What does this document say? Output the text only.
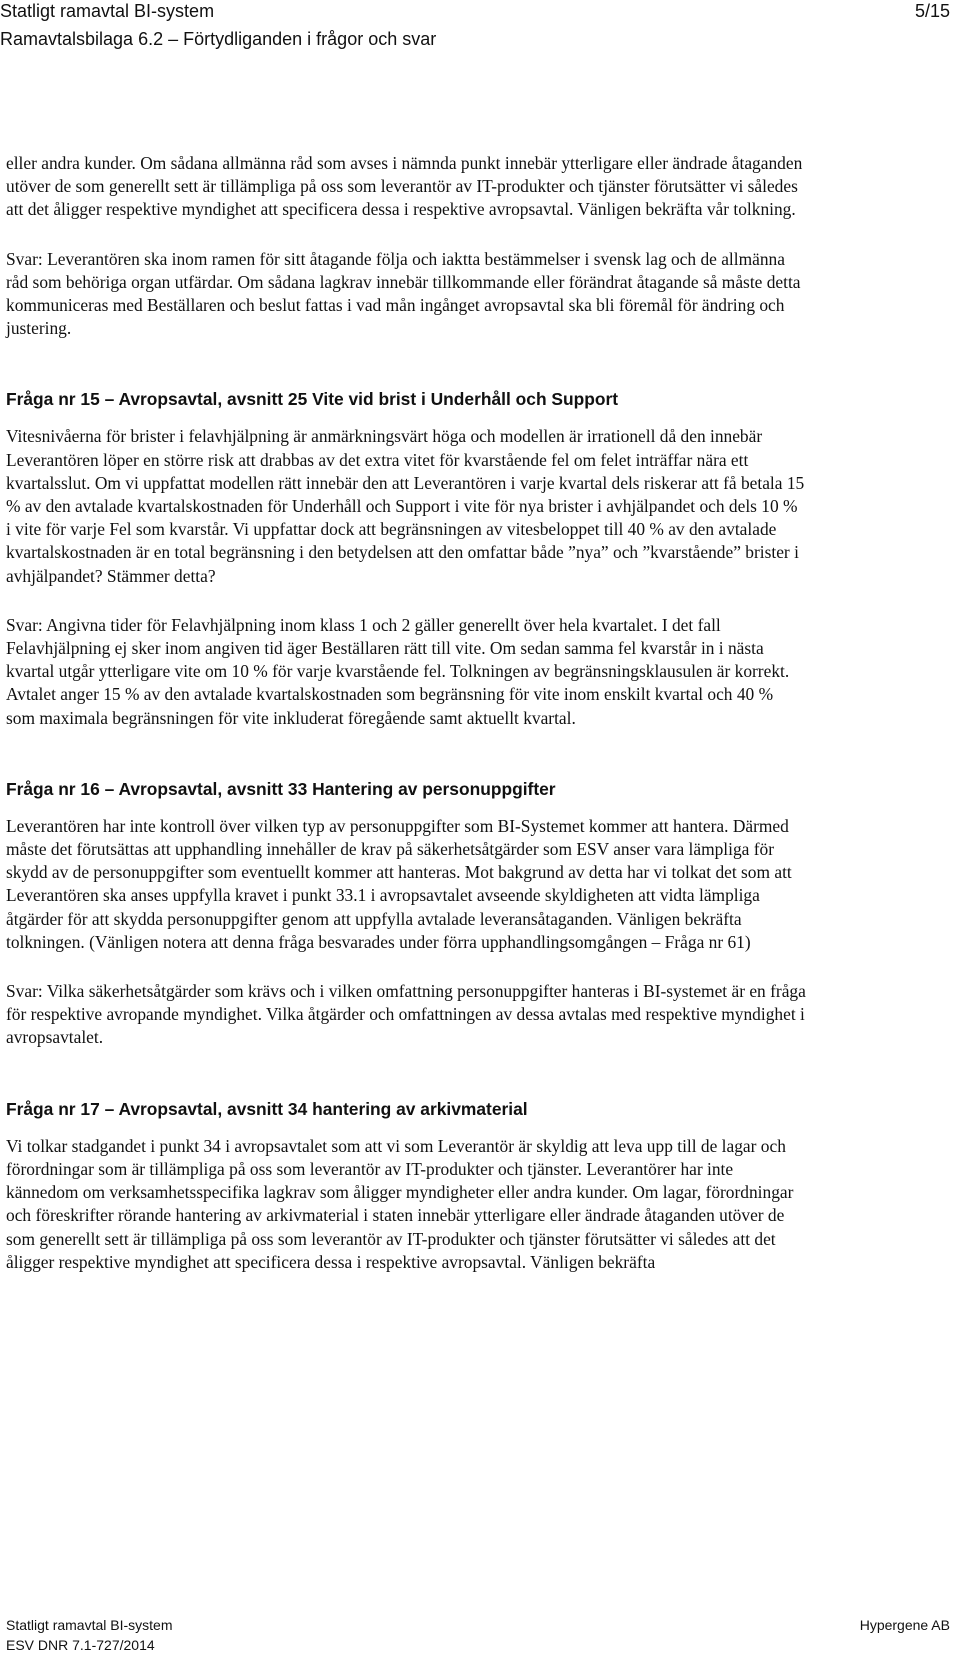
Statligt ramavtal BI-system	5/15
Ramavtalsbilaga 6.2 – Förtydliganden i frågor och svar

eller andra kunder. Om sådana allmänna råd som avses i nämnda punkt innebär ytterligare eller ändrade åtaganden utöver de som generellt sett är tillämpliga på oss som leverantör av IT-produkter och tjänster förutsätter vi således att det åligger respektive myndighet att specificera dessa i respektive avropsavtal. Vänligen bekräfta vår tolkning.

Svar: Leverantören ska inom ramen för sitt åtagande följa och iaktta bestämmelser i svensk lag och de allmänna råd som behöriga organ utfärdar. Om sådana lagkrav innebär tillkommande eller förändrat åtagande så måste detta kommuniceras med Beställaren och beslut fattas i vad mån ingånget avropsavtal ska bli föremål för ändring och justering.

Fråga nr 15 – Avropsavtal, avsnitt 25 Vite vid brist i Underhåll och Support

Vitesnivåerna för brister i felavhjälpning är anmärkningsvärt höga och modellen är irrationell då den innebär Leverantören löper en större risk att drabbas av det extra vitet för kvarstående fel om felet inträffar nära ett kvartalsslut. Om vi uppfattat modellen rätt innebär den att Leverantören i varje kvartal dels riskerar att få betala 15 % av den avtalade kvartalskostnaden för Underhåll och Support i vite för nya brister i avhjälpandet och dels 10 % i vite för varje Fel som kvarstår. Vi uppfattar dock att begränsningen av vitesbeloppet till 40 % av den avtalade kvartalskostnaden är en total begränsning i den betydelsen att den omfattar både ”nya” och ”kvarstående” brister i avhjälpandet? Stämmer detta?

Svar: Angivna tider för Felavhjälpning inom klass 1 och 2 gäller generellt över hela kvartalet. I det fall Felavhjälpning ej sker inom angiven tid äger Beställaren rätt till vite. Om sedan samma fel kvarstår in i nästa kvartal utgår ytterligare vite om 10 % för varje kvarstående fel. Tolkningen av begränsningsklausulen är korrekt. Avtalet anger 15 % av den avtalade kvartalskostnaden som begränsning för vite inom enskilt kvartal och 40 % som maximala begränsningen för vite inkluderat föregående samt aktuellt kvartal.

Fråga nr 16 – Avropsavtal, avsnitt 33 Hantering av personuppgifter

Leverantören har inte kontroll över vilken typ av personuppgifter som BI-Systemet kommer att hantera. Därmed måste det förutsättas att upphandling innehåller de krav på säkerhetsåtgärder som ESV anser vara lämpliga för skydd av de personuppgifter som eventuellt kommer att hanteras. Mot bakgrund av detta har vi tolkat det som att Leverantören ska anses uppfylla kravet i punkt 33.1 i avropsavtalet avseende skyldigheten att vidta lämpliga åtgärder för att skydda personuppgifter genom att uppfylla avtalade leveransåtaganden. Vänligen bekräfta tolkningen. (Vänligen notera att denna fråga besvarades under förra upphandlingsomgången – Fråga nr 61)

Svar: Vilka säkerhetsåtgärder som krävs och i vilken omfattning personuppgifter hanteras i BI-systemet är en fråga för respektive avropande myndighet. Vilka åtgärder och omfattningen av dessa avtalas med respektive myndighet i avropsavtalet.

Fråga nr 17 – Avropsavtal, avsnitt 34 hantering av arkivmaterial

Vi tolkar stadgandet i punkt 34 i avropsavtalet som att vi som Leverantör är skyldig att leva upp till de lagar och förordningar som är tillämpliga på oss som leverantör av IT-produkter och tjänster. Leverantörer har inte kännedom om verksamhetsspecifika lagkrav som åligger myndigheter eller andra kunder. Om lagar, förordningar och föreskrifter rörande hantering av arkivmaterial i staten innebär ytterligare eller ändrade åtaganden utöver de som generellt sett är tillämpliga på oss som leverantör av IT-produkter och tjänster förutsätter vi således att det åligger respektive myndighet att specificera dessa i respektive avropsavtal. Vänligen bekräfta

Statligt ramavtal BI-system
ESV DNR 7.1-727/2014
Hypergene AB
